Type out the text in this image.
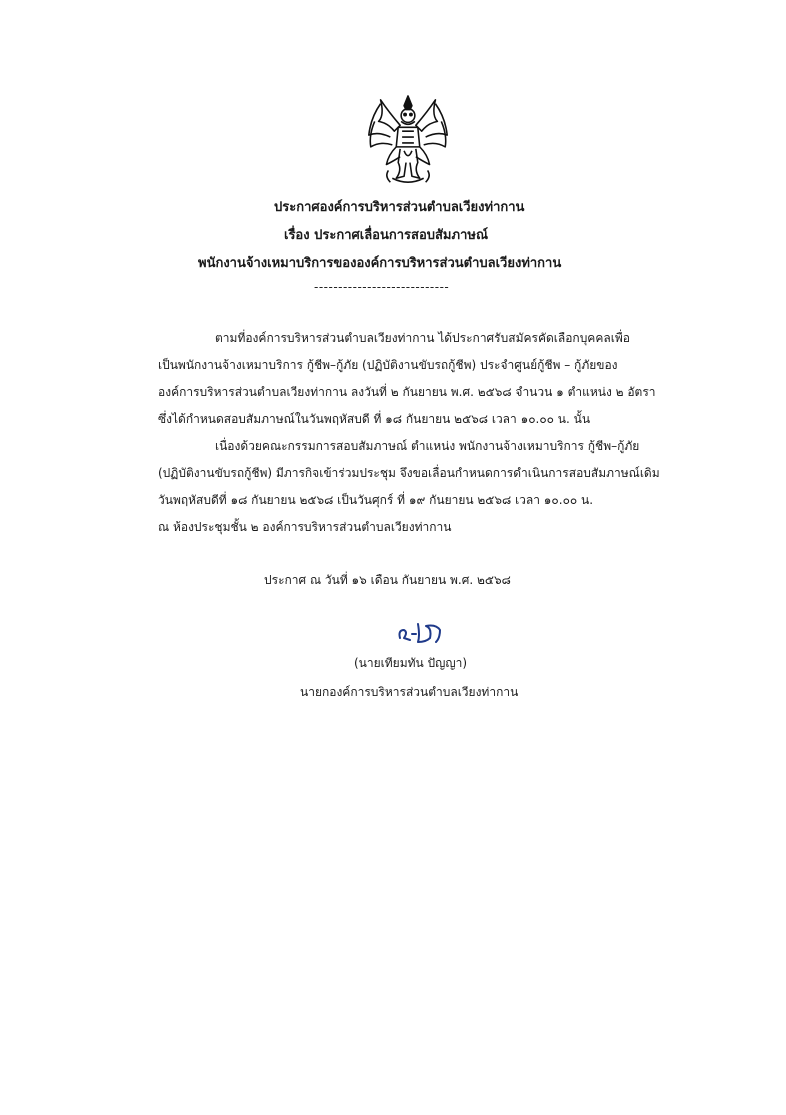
ประกาศองค์การบริหารส่วนตำบลเวียงท่ากาน
เรื่อง ประกาศเลื่อนการสอบสัมภาษณ์
พนักงานจ้างเหมาบริการขององค์การบริหารส่วนตำบลเวียงท่ากาน
----------------------------
ตามที่องค์การบริหารส่วนตำบลเวียงท่ากาน ได้ประกาศรับสมัครคัดเลือกบุคคลเพื่อ
เป็นพนักงานจ้างเหมาบริการ กู้ชีพ–กู้ภัย (ปฏิบัติงานขับรถกู้ชีพ) ประจำศูนย์กู้ชีพ – กู้ภัยของ
องค์การบริหารส่วนตำบลเวียงท่ากาน ลงวันที่ ๒ กันยายน พ.ศ. ๒๕๖๘ จำนวน ๑ ตำแหน่ง ๒ อัตรา
ซึ่งได้กำหนดสอบสัมภาษณ์ในวันพฤหัสบดี ที่ ๑๘ กันยายน ๒๕๖๘ เวลา ๑๐.๐๐ น. นั้น
เนื่องด้วยคณะกรรมการสอบสัมภาษณ์ ตำแหน่ง พนักงานจ้างเหมาบริการ กู้ชีพ–กู้ภัย
(ปฏิบัติงานขับรถกู้ชีพ) มีภารกิจเข้าร่วมประชุม จึงขอเลื่อนกำหนดการดำเนินการสอบสัมภาษณ์เดิม
วันพฤหัสบดีที่ ๑๘ กันยายน ๒๕๖๘ เป็นวันศุกร์ ที่ ๑๙ กันยายน ๒๕๖๘ เวลา ๑๐.๐๐ น.
ณ ห้องประชุมชั้น ๒ องค์การบริหารส่วนตำบลเวียงท่ากาน
ประกาศ ณ วันที่ ๑๖ เดือน กันยายน พ.ศ. ๒๕๖๘
(นายเทียมทัน ปัญญา)
นายกองค์การบริหารส่วนตำบลเวียงท่ากาน
